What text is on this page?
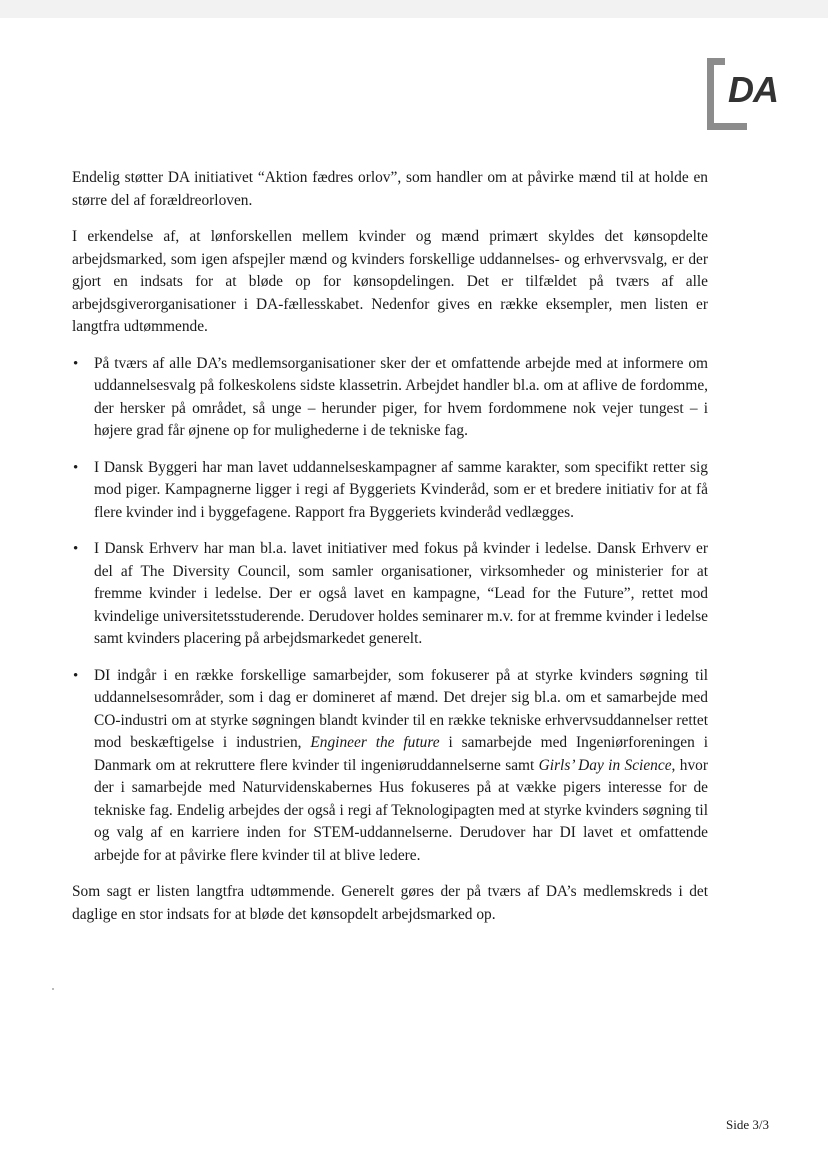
DA

Endelig støtter DA initiativet “Aktion fædres orlov”, som handler om at påvirke mænd til at holde en større del af forældreorloven.

I erkendelse af, at lønforskellen mellem kvinder og mænd primært skyldes det kønsopdelte arbejdsmarked, som igen afspejler mænd og kvinders forskellige uddannelses- og erhvervsvalg, er der gjort en indsats for at bløde op for kønsopdelingen. Det er tilfældet på tværs af alle arbejdsgiverorganisationer i DA-fællesskabet. Nedenfor gives en række eksempler, men listen er langtfra udtømmende.

• På tværs af alle DA’s medlemsorganisationer sker der et omfattende arbejde med at informere om uddannelsesvalg på folkeskolens sidste klassetrin. Arbejdet handler bl.a. om at aflive de fordomme, der hersker på området, så unge – herunder piger, for hvem fordommene nok vejer tungest – i højere grad får øjnene op for mulighederne i de tekniske fag.
• I Dansk Byggeri har man lavet uddannelseskampagner af samme karakter, som specifikt retter sig mod piger. Kampagnerne ligger i regi af Byggeriets Kvinderåd, som er et bredere initiativ for at få flere kvinder ind i byggefagene. Rapport fra Byggeriets kvinderåd vedlægges.
• I Dansk Erhverv har man bl.a. lavet initiativer med fokus på kvinder i ledelse. Dansk Erhverv er del af The Diversity Council, som samler organisationer, virksomheder og ministerier for at fremme kvinder i ledelse. Der er også lavet en kampagne, “Lead for the Future”, rettet mod kvindelige universitetsstuderende. Derudover holdes seminarer m.v. for at fremme kvinder i ledelse samt kvinders placering på arbejdsmarkedet generelt.
• DI indgår i en række forskellige samarbejder, som fokuserer på at styrke kvinders søgning til uddannelsesområder, som i dag er domineret af mænd. Det drejer sig bl.a. om et samarbejde med CO-industri om at styrke søgningen blandt kvinder til en række tekniske erhvervsuddannelser rettet mod beskæftigelse i industrien, Engineer the future i samarbejde med Ingeniørforeningen i Danmark om at rekruttere flere kvinder til ingeniøruddannelserne samt Girls’ Day in Science, hvor der i samarbejde med Naturvidenskabernes Hus fokuseres på at vække pigers interesse for de tekniske fag. Endelig arbejdes der også i regi af Teknologipagten med at styrke kvinders søgning til og valg af en karriere inden for STEM-uddannelserne. Derudover har DI lavet et omfattende arbejde for at påvirke flere kvinder til at blive ledere.

Som sagt er listen langtfra udtømmende. Generelt gøres der på tværs af DA’s medlemskreds i det daglige en stor indsats for at bløde det kønsopdelt arbejdsmarked op.

Side 3/3
